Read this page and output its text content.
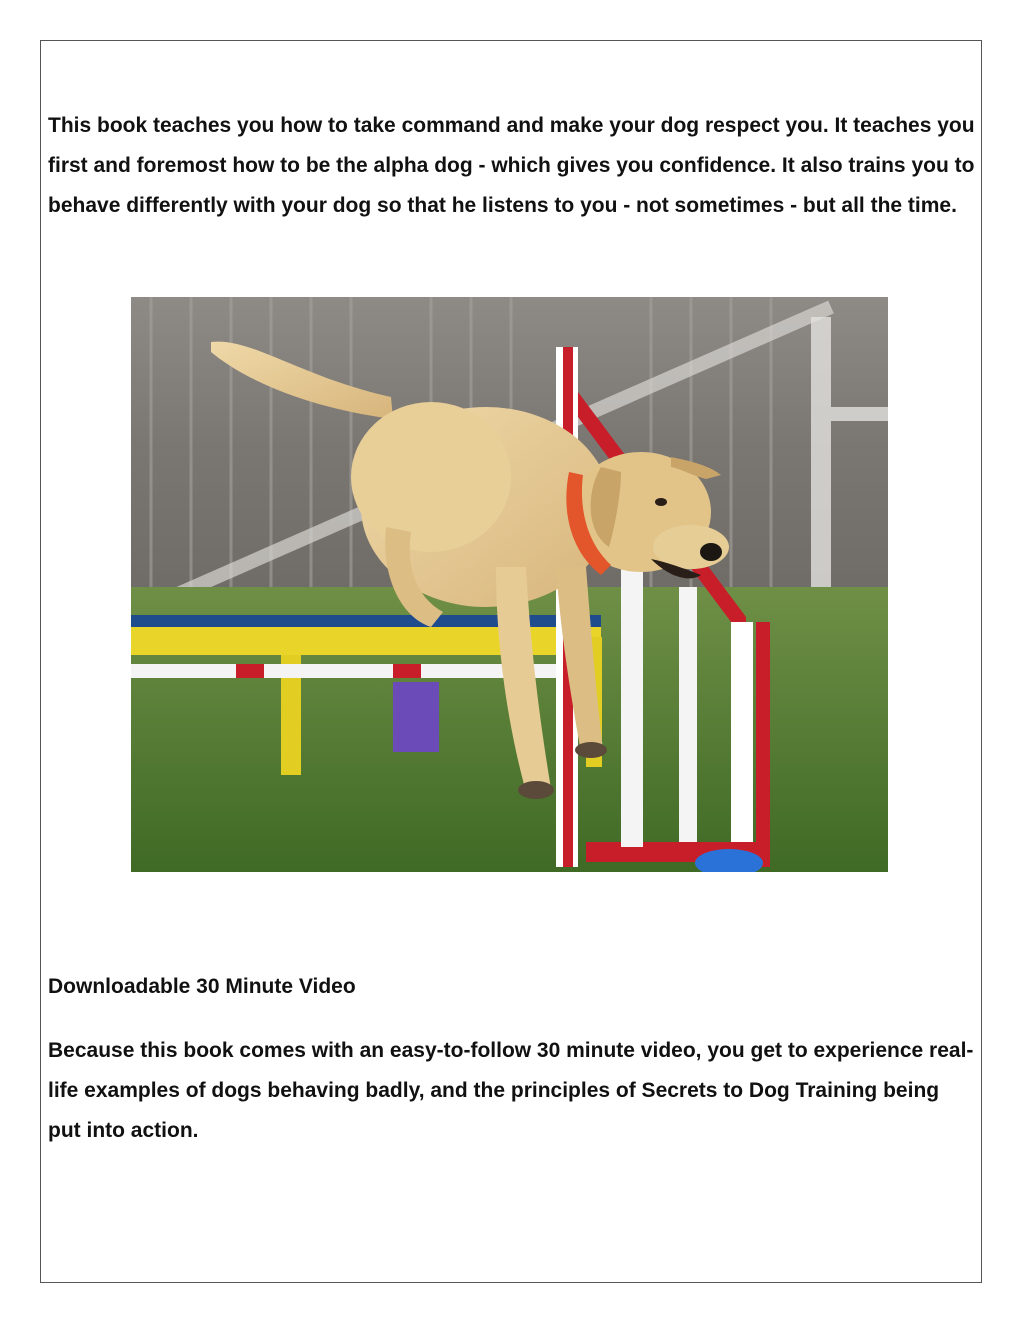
This book teaches you how to take command and make your dog respect you. It teaches you first and foremost how to be the alpha dog - which gives you confidence. It also trains you to behave differently with your dog so that he listens to you - not sometimes - but all the time.

Downloadable 30 Minute Video

Because this book comes with an easy-to-follow 30 minute video, you get to experience real-life examples of dogs behaving badly, and the principles of Secrets to Dog Training being put into action.
